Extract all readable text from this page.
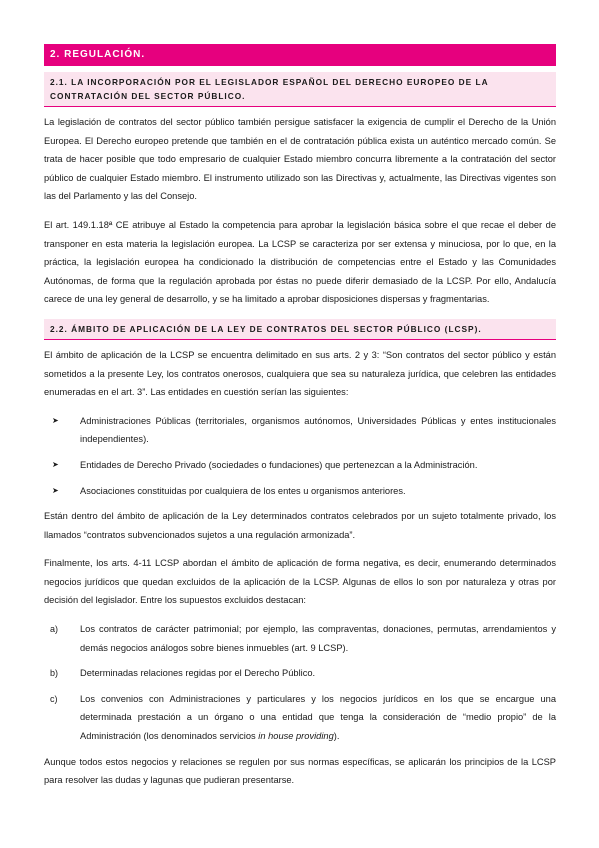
2. REGULACIÓN.
2.1. LA INCORPORACIÓN POR EL LEGISLADOR ESPAÑOL DEL DERECHO EUROPEO DE LA CONTRATACIÓN DEL SECTOR PÚBLICO.

La legislación de contratos del sector público también persigue satisfacer la exigencia de cumplir el Derecho de la Unión Europea. El Derecho europeo pretende que también en el de contratación pública exista un auténtico mercado común. Se trata de hacer posible que todo empresario de cualquier Estado miembro concurra libremente a la contratación del sector público de cualquier Estado miembro. El instrumento utilizado son las Directivas y, actualmente, las Directivas vigentes son las del Parlamento y las del Consejo.

El art. 149.1.18ª CE atribuye al Estado la competencia para aprobar la legislación básica sobre el que recae el deber de transponer en esta materia la legislación europea. La LCSP se caracteriza por ser extensa y minuciosa, por lo que, en la práctica, la legislación europea ha condicionado la distribución de competencias entre el Estado y las Comunidades Autónomas, de forma que la regulación aprobada por éstas no puede diferir demasiado de la LCSP. Por ello, Andalucía carece de una ley general de desarrollo, y se ha limitado a aprobar disposiciones dispersas y fragmentarias.

2.2. ÁMBITO DE APLICACIÓN DE LA LEY DE CONTRATOS DEL SECTOR PÚBLICO (LCSP).

El ámbito de aplicación de la LCSP se encuentra delimitado en sus arts. 2 y 3: “Son contratos del sector público y están sometidos a la presente Ley, los contratos onerosos, cualquiera que sea su naturaleza jurídica, que celebren las entidades enumeradas en el art. 3”. Las entidades en cuestión serían las siguientes:

➤ Administraciones Públicas (territoriales, organismos autónomos, Universidades Públicas y entes institucionales independientes).
➤ Entidades de Derecho Privado (sociedades o fundaciones) que pertenezcan a la Administración.
➤ Asociaciones constituidas por cualquiera de los entes u organismos anteriores.

Están dentro del ámbito de aplicación de la Ley determinados contratos celebrados por un sujeto totalmente privado, los llamados “contratos subvencionados sujetos a una regulación armonizada”.

Finalmente, los arts. 4-11 LCSP abordan el ámbito de aplicación de forma negativa, es decir, enumerando determinados negocios jurídicos que quedan excluidos de la aplicación de la LCSP. Algunas de ellos lo son por naturaleza y otras por decisión del legislador. Entre los supuestos excluidos destacan:

a) Los contratos de carácter patrimonial; por ejemplo, las compraventas, donaciones, permutas, arrendamientos y demás negocios análogos sobre bienes inmuebles (art. 9 LCSP).
b) Determinadas relaciones regidas por el Derecho Público.
c) Los convenios con Administraciones y particulares y los negocios jurídicos en los que se encargue una determinada prestación a un órgano o una entidad que tenga la consideración de “medio propio” de la Administración (los denominados servicios in house providing).

Aunque todos estos negocios y relaciones se regulen por sus normas específicas, se aplicarán los principios de la LCSP para resolver las dudas y lagunas que pudieran presentarse.
